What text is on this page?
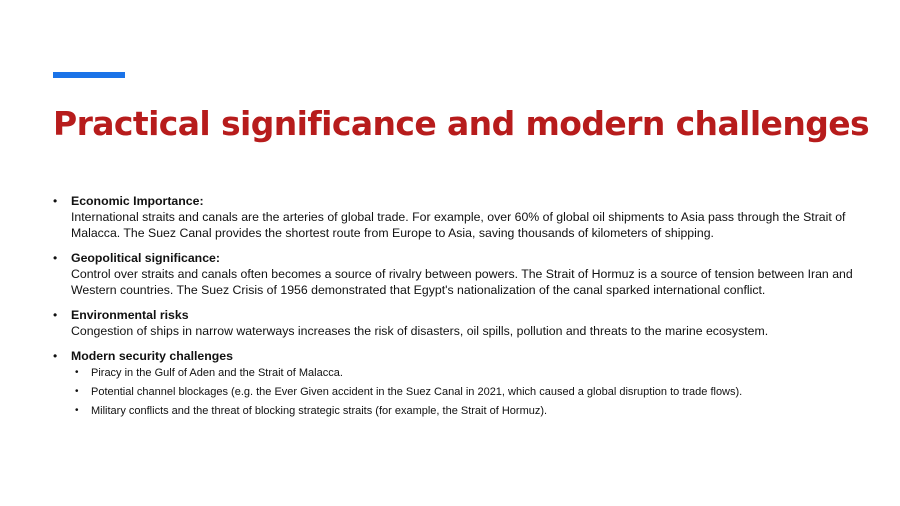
Practical significance and modern challenges
•	Economic Importance:
International straits and canals are the arteries of global trade. For example, over 60% of global oil shipments to Asia pass through the Strait of Malacca. The Suez Canal provides the shortest route from Europe to Asia, saving thousands of kilometers of shipping.
•	Geopolitical significance:
Control over straits and canals often becomes a source of rivalry between powers. The Strait of Hormuz is a source of tension between Iran and Western countries. The Suez Crisis of 1956 demonstrated that Egypt's nationalization of the canal sparked international conflict.
•	Environmental risks
Congestion of ships in narrow waterways increases the risk of disasters, oil spills, pollution and threats to the marine ecosystem.
•	Modern security challenges
•	Piracy in the Gulf of Aden and the Strait of Malacca.
•	Potential channel blockages (e.g. the Ever Given accident in the Suez Canal in 2021, which caused a global disruption to trade flows).
•	Military conflicts and the threat of blocking strategic straits (for example, the Strait of Hormuz).
